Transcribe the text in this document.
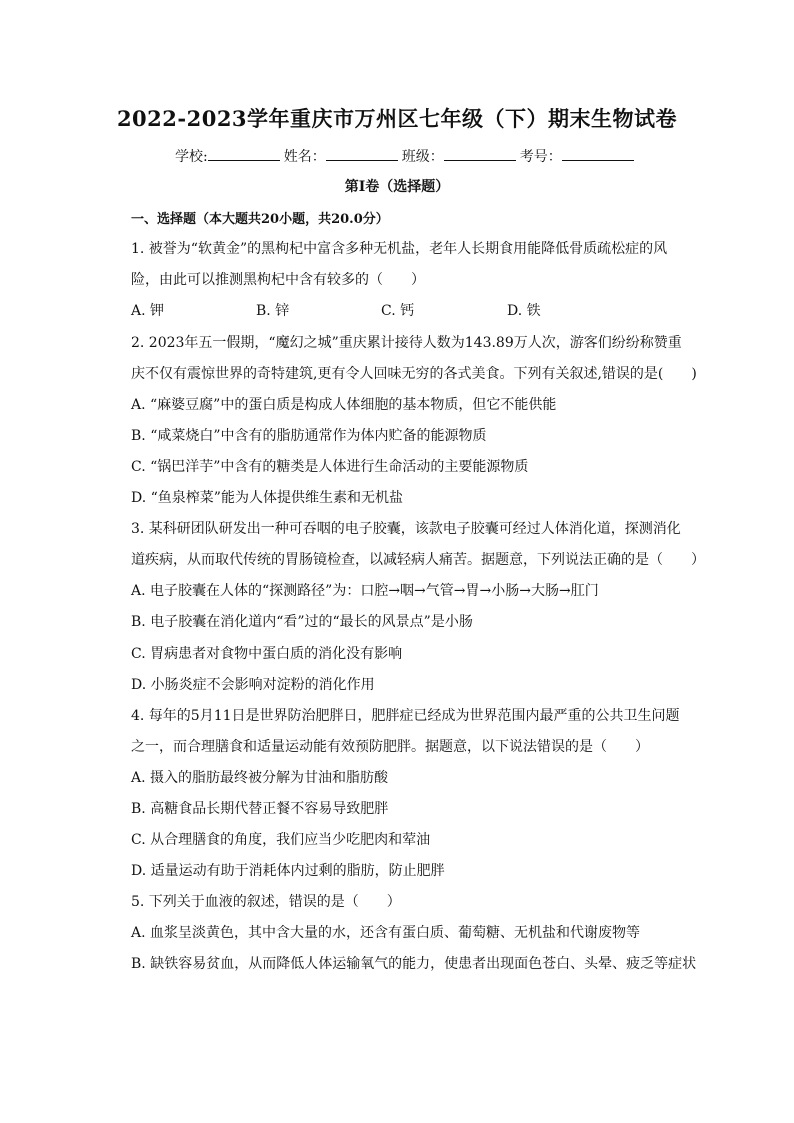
2022-2023学年重庆市万州区七年级（下）期末生物试卷
学校:	姓名：	班级：	考号：
第I卷（选择题）
一、选择题（本大题共20小题，共20.0分）
1. 被誉为“软黄金”的黑枸杞中富含多种无机盐，老年人长期食用能降低骨质疏松症的风
险，由此可以推测黑枸杞中含有较多的（　　）
A. 钾	B. 锌	C. 钙	D. 铁
2. 2023年五一假期，“魔幻之城”重庆累计接待人数为143.89万人次，游客们纷纷称赞重
庆不仅有震惊世界的奇特建筑,更有令人回味无穷的各式美食。下列有关叙述,错误的是(　　)
A. “麻婆豆腐”中的蛋白质是构成人体细胞的基本物质，但它不能供能
B. “咸菜烧白”中含有的脂肪通常作为体内贮备的能源物质
C. “锅巴洋芋”中含有的糖类是人体进行生命活动的主要能源物质
D. “鱼泉榨菜”能为人体提供维生素和无机盐
3. 某科研团队研发出一种可吞咽的电子胶囊，该款电子胶囊可经过人体消化道，探测消化
道疾病，从而取代传统的胃肠镜检查，以减轻病人痛苦。据题意，下列说法正确的是（　　）
A. 电子胶囊在人体的“探测路径”为：口腔→咽→气管→胃→小肠→大肠→肛门
B. 电子胶囊在消化道内“看”过的“最长的风景点”是小肠
C. 胃病患者对食物中蛋白质的消化没有影响
D. 小肠炎症不会影响对淀粉的消化作用
4. 每年的5月11日是世界防治肥胖日，肥胖症已经成为世界范围内最严重的公共卫生问题
之一，而合理膳食和适量运动能有效预防肥胖。据题意，以下说法错误的是（　　）
A. 摄入的脂肪最终被分解为甘油和脂肪酸
B. 高糖食品长期代替正餐不容易导致肥胖
C. 从合理膳食的角度，我们应当少吃肥肉和荤油
D. 适量运动有助于消耗体内过剩的脂肪，防止肥胖
5. 下列关于血液的叙述，错误的是（　　）
A. 血浆呈淡黄色，其中含大量的水，还含有蛋白质、葡萄糖、无机盐和代谢废物等
B. 缺铁容易贫血，从而降低人体运输氧气的能力，使患者出现面色苍白、头晕、疲乏等症状
